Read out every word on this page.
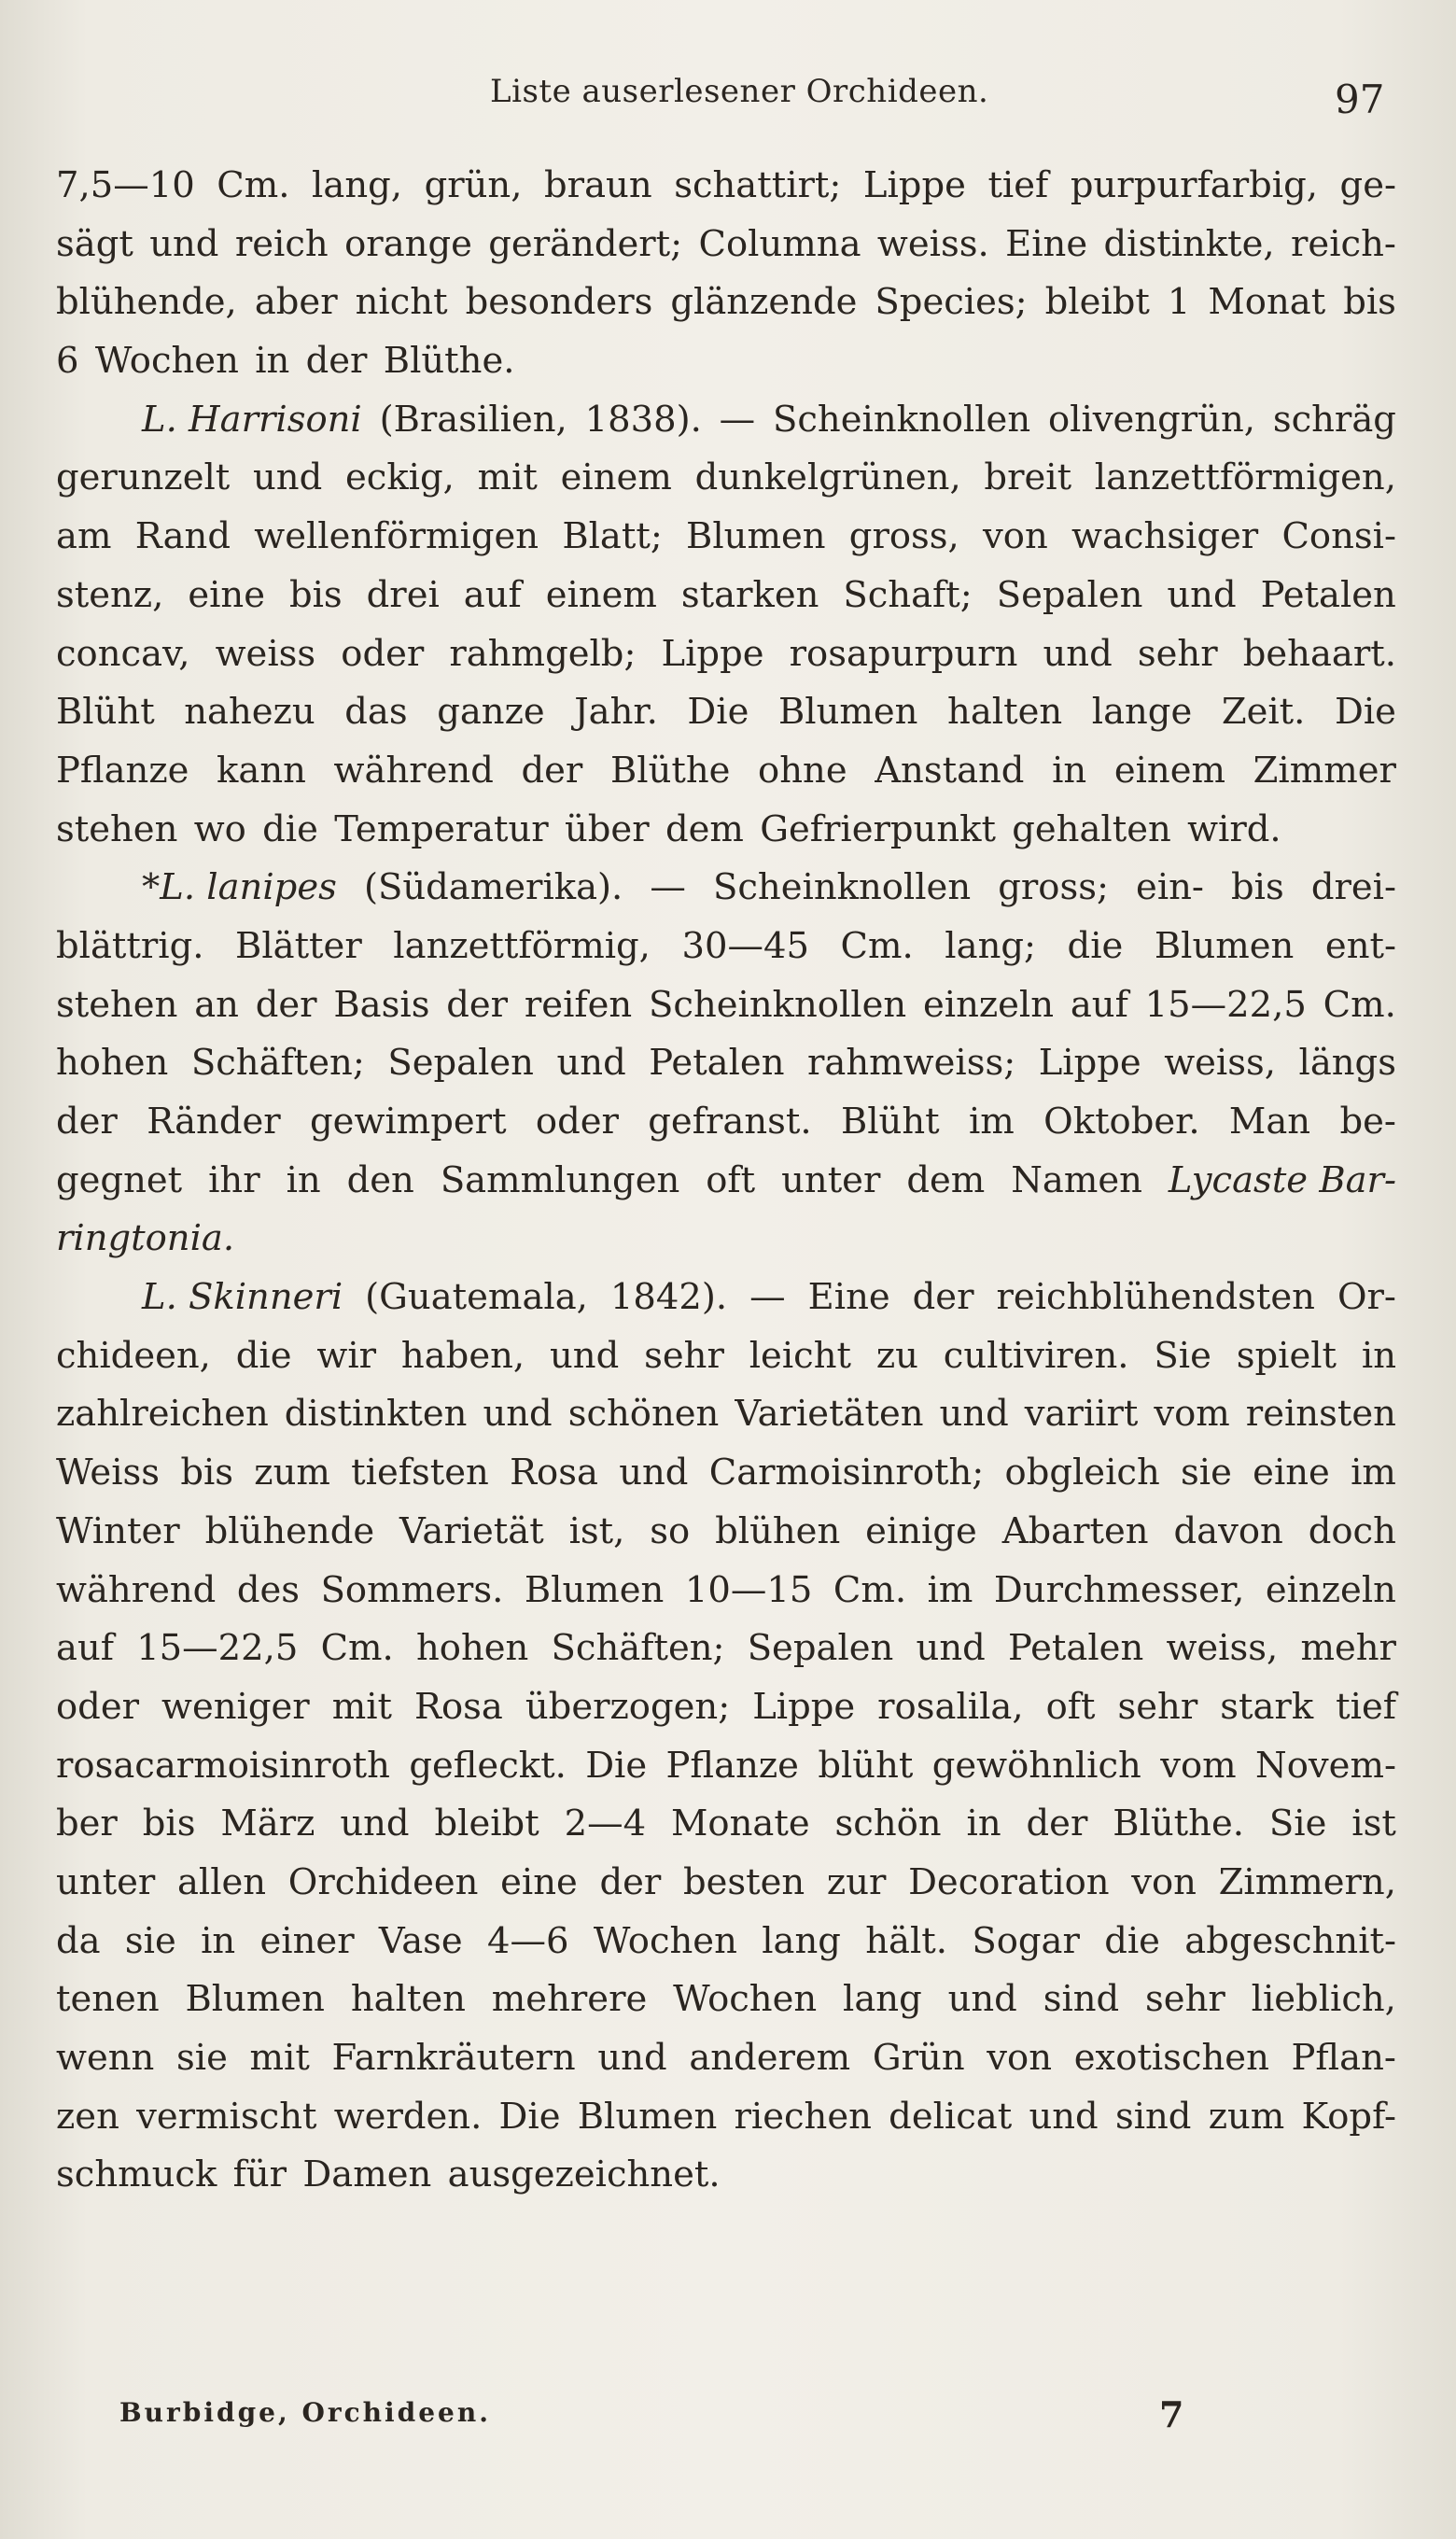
Liste auserlesener Orchideen.	97
7,5—10 Cm. lang, grün, braun schattirt; Lippe tief purpurfarbig, ge-
sägt und reich orange gerändert; Columna weiss. Eine distinkte, reich-
blühende, aber nicht besonders glänzende Species; bleibt 1 Monat bis
6 Wochen in der Blüthe.
L. Harrisoni (Brasilien, 1838). — Scheinknollen olivengrün, schräg
gerunzelt und eckig, mit einem dunkelgrünen, breit lanzettförmigen,
am Rand wellenförmigen Blatt; Blumen gross, von wachsiger Consi-
stenz, eine bis drei auf einem starken Schaft; Sepalen und Petalen
concav, weiss oder rahmgelb; Lippe rosapurpurn und sehr behaart.
Blüht nahezu das ganze Jahr. Die Blumen halten lange Zeit. Die
Pflanze kann während der Blüthe ohne Anstand in einem Zimmer
stehen wo die Temperatur über dem Gefrierpunkt gehalten wird.
*L. lanipes (Südamerika). — Scheinknollen gross; ein- bis drei-
blättrig. Blätter lanzettförmig, 30—45 Cm. lang; die Blumen ent-
stehen an der Basis der reifen Scheinknollen einzeln auf 15—22,5 Cm.
hohen Schäften; Sepalen und Petalen rahmweiss; Lippe weiss, längs
der Ränder gewimpert oder gefranst. Blüht im Oktober. Man be-
gegnet ihr in den Sammlungen oft unter dem Namen Lycaste Bar-
ringtonia.
L. Skinneri (Guatemala, 1842). — Eine der reichblühendsten Or-
chideen, die wir haben, und sehr leicht zu cultiviren. Sie spielt in
zahlreichen distinkten und schönen Varietäten und variirt vom reinsten
Weiss bis zum tiefsten Rosa und Carmoisinroth; obgleich sie eine im
Winter blühende Varietät ist, so blühen einige Abarten davon doch
während des Sommers. Blumen 10—15 Cm. im Durchmesser, einzeln
auf 15—22,5 Cm. hohen Schäften; Sepalen und Petalen weiss, mehr
oder weniger mit Rosa überzogen; Lippe rosalila, oft sehr stark tief
rosacarmoisinroth gefleckt. Die Pflanze blüht gewöhnlich vom Novem-
ber bis März und bleibt 2—4 Monate schön in der Blüthe. Sie ist
unter allen Orchideen eine der besten zur Decoration von Zimmern,
da sie in einer Vase 4—6 Wochen lang hält. Sogar die abgeschnit-
tenen Blumen halten mehrere Wochen lang und sind sehr lieblich,
wenn sie mit Farnkräutern und anderem Grün von exotischen Pflan-
zen vermischt werden. Die Blumen riechen delicat und sind zum Kopf-
schmuck für Damen ausgezeichnet.
Burbidge, Orchideen.	7
